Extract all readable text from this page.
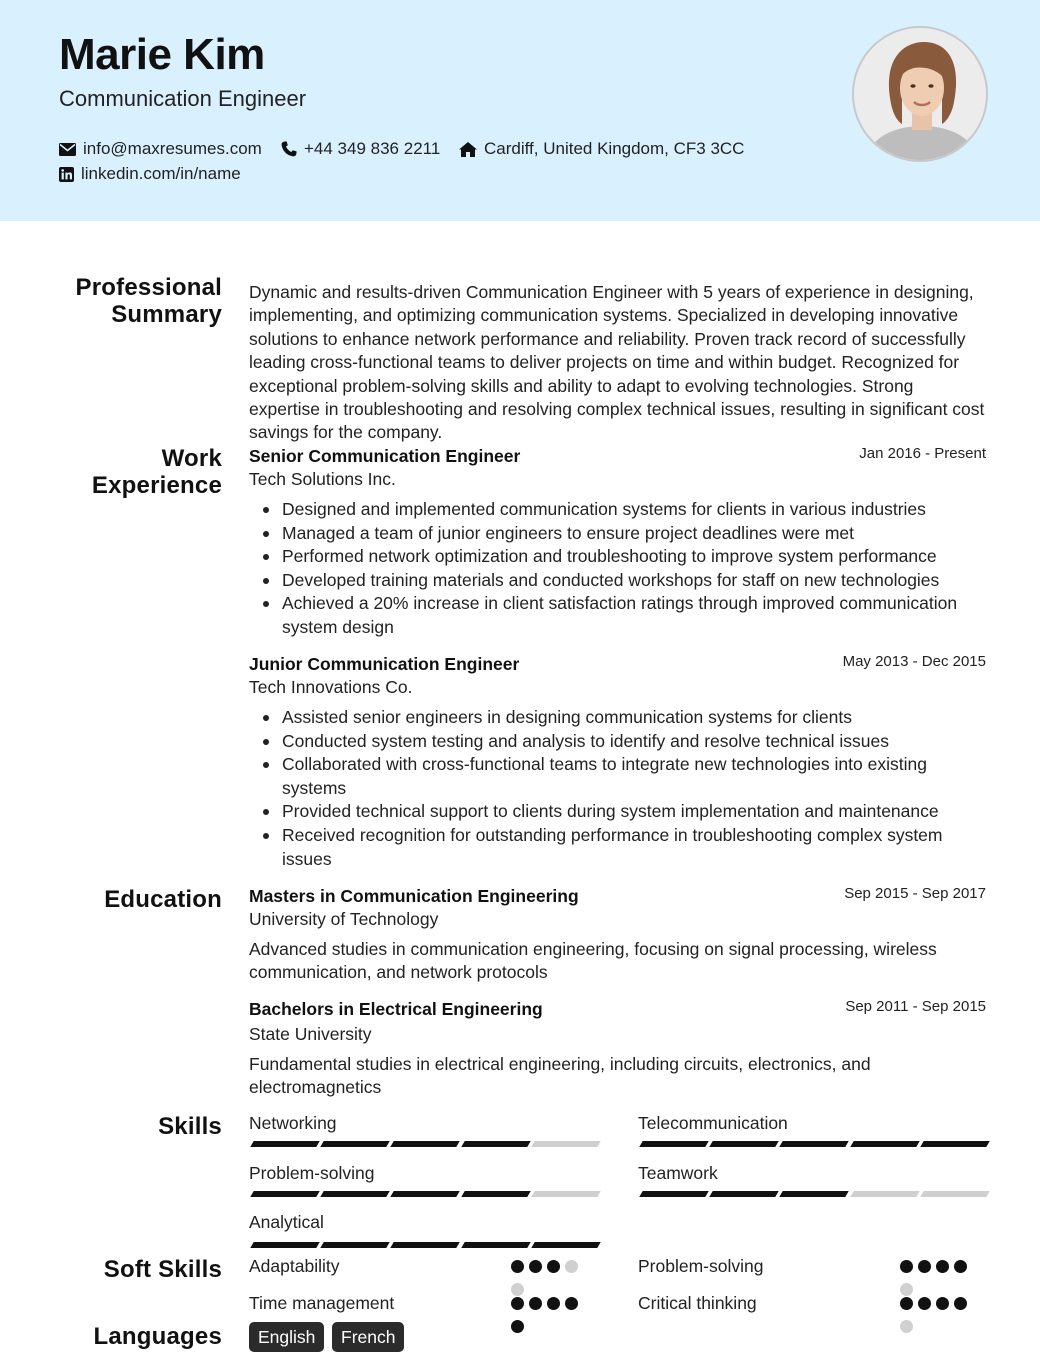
Marie Kim
Communication Engineer
info@maxresumes.com +44 349 836 2211	Cardiff, United Kingdom, CF3 3CC
linkedin.com/in/name
Professional
Summary
Dynamic and results-driven Communication Engineer with 5 years of experience in designing, implementing, and optimizing communication systems. Specialized in developing innovative solutions to enhance network performance and reliability. Proven track record of successfully leading cross-functional teams to deliver projects on time and within budget. Recognized for exceptional problem-solving skills and ability to adapt to evolving technologies. Strong expertise in troubleshooting and resolving complex technical issues, resulting in significant cost savings for the company.
Work
Experience
Senior Communication Engineer	Jan 2016 - Present
Tech Solutions Inc.
Designed and implemented communication systems for clients in various industries
Managed a team of junior engineers to ensure project deadlines were met
Performed network optimization and troubleshooting to improve system performance
Developed training materials and conducted workshops for staff on new technologies
Achieved a 20% increase in client satisfaction ratings through improved communication system design
Junior Communication Engineer	May 2013 - Dec 2015
Tech Innovations Co.
Assisted senior engineers in designing communication systems for clients
Conducted system testing and analysis to identify and resolve technical issues
Collaborated with cross-functional teams to integrate new technologies into existing systems
Provided technical support to clients during system implementation and maintenance
Received recognition for outstanding performance in troubleshooting complex system issues
Education Masters in Communication Engineering	Sep 2015 - Sep 2017
University of Technology
Advanced studies in communication engineering, focusing on signal processing, wireless communication, and network protocols
Bachelors in Electrical Engineering	Sep 2011 - Sep 2015
State University
Fundamental studies in electrical engineering, including circuits, electronics, and electromagnetics
Skills Networking	Telecommunication
Problem-solving	Teamwork
Analytical
Soft Skills Adaptability	Problem-solving
Time management	Critical thinking
Languages	English	French
